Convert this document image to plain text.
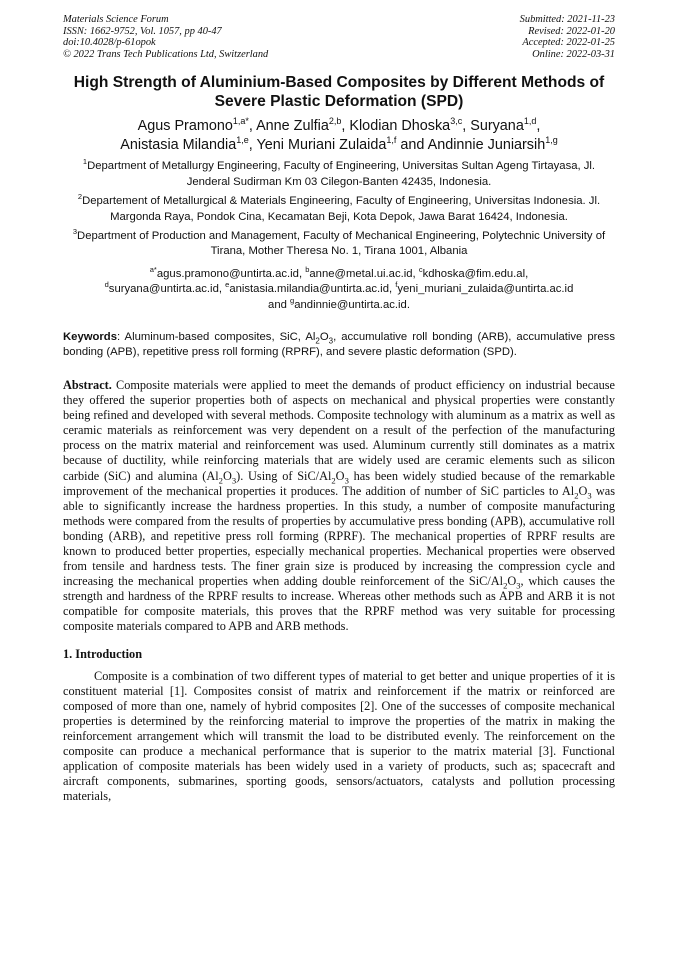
Materials Science Forum
ISSN: 1662-9752, Vol. 1057, pp 40-47
doi:10.4028/p-61opok
© 2022 Trans Tech Publications Ltd, Switzerland
Submitted: 2021-11-23
Revised: 2022-01-20
Accepted: 2022-01-25
Online: 2022-03-31
High Strength of Aluminium-Based Composites by Different Methods of Severe Plastic Deformation (SPD)
Agus Pramono$^{1,a*}$, Anne Zulfia$^{2,b}$, Klodian Dhoska$^{3,c}$, Suryana$^{1,d}$,
Anistasia Milandia$^{1,e}$, Yeni Muriani Zulaida$^{1,f}$ and Andinnie Juniarsih$^{1,g}$
$^1$Department of Metallurgy Engineering, Faculty of Engineering, Universitas Sultan Ageng Tirtayasa, Jl. Jenderal Sudirman Km 03 Cilegon-Banten 42435, Indonesia.
$^2$Departement of Metallurgical & Materials Engineering, Faculty of Engineering, Universitas Indonesia. Jl. Margonda Raya, Pondok Cina, Kecamatan Beji, Kota Depok, Jawa Barat 16424, Indonesia.
$^3$Department of Production and Management, Faculty of Mechanical Engineering, Polytechnic University of Tirana, Mother Theresa No. 1, Tirana 1001, Albania
$^{a*}$agus.pramono@untirta.ac.id, $^b$anne@metal.ui.ac.id, $^c$kdhoska@fim.edu.al,
$^d$suryana@untirta.ac.id, $^e$anistasia.milandia@untirta.ac.id, $^f$yeni_muriani_zulaida@untirta.ac.id
and $^g$andinnie@untirta.ac.id.
Keywords: Aluminum-based composites, SiC, $Al_2O_3$, accumulative roll bonding (ARB), accumulative press bonding (APB), repetitive press roll forming (RPRF), and severe plastic deformation (SPD).
Abstract. Composite materials were applied to meet the demands of product efficiency on industrial because they offered the superior properties both of aspects on mechanical and physical properties were constantly being refined and developed with several methods. Composite technology with aluminum as a matrix as well as ceramic materials as reinforcement was very dependent on a result of the perfection of the manufacturing process on the matrix material and reinforcement was used. Aluminum currently still dominates as a matrix because of ductility, while reinforcing materials that are widely used are ceramic elements such as silicon carbide (SiC) and alumina $(Al_2O_3)$. Using of SiC/$Al_2O_3$ has been widely studied because of the remarkable improvement of the mechanical properties it produces. The addition of number of SiC particles to $Al_2O_3$ was able to significantly increase the hardness properties. In this study, a number of composite manufacturing methods were compared from the results of properties by accumulative press bonding (APB), accumulative roll bonding (ARB), and repetitive press roll forming (RPRF). The mechanical properties of RPRF results are known to produced better properties, especially mechanical properties. Mechanical properties were observed from tensile and hardness tests. The finer grain size is produced by increasing the compression cycle and increasing the mechanical properties when adding double reinforcement of the SiC/$Al_2O_3$, which causes the strength and hardness of the RPRF results to increase. Whereas other methods such as APB and ARB it is not compatible for composite materials, this proves that the RPRF method was very suitable for processing composite materials compared to APB and ARB methods.
1. Introduction
Composite is a combination of two different types of material to get better and unique properties of it is constituent material [1]. Composites consist of matrix and reinforcement if the matrix or reinforced are composed of more than one, namely of hybrid composites [2]. One of the successes of composite mechanical properties is determined by the reinforcing material to improve the properties of the matrix in making the reinforcement arrangement which will transmit the load to be distributed evenly. The reinforcement on the composite can produce a mechanical performance that is superior to the matrix material [3]. Functional application of composite materials has been widely used in a variety of products, such as; spacecraft and aircraft components, submarines, sporting goods, sensors/actuators, catalysts and pollution processing materials,
